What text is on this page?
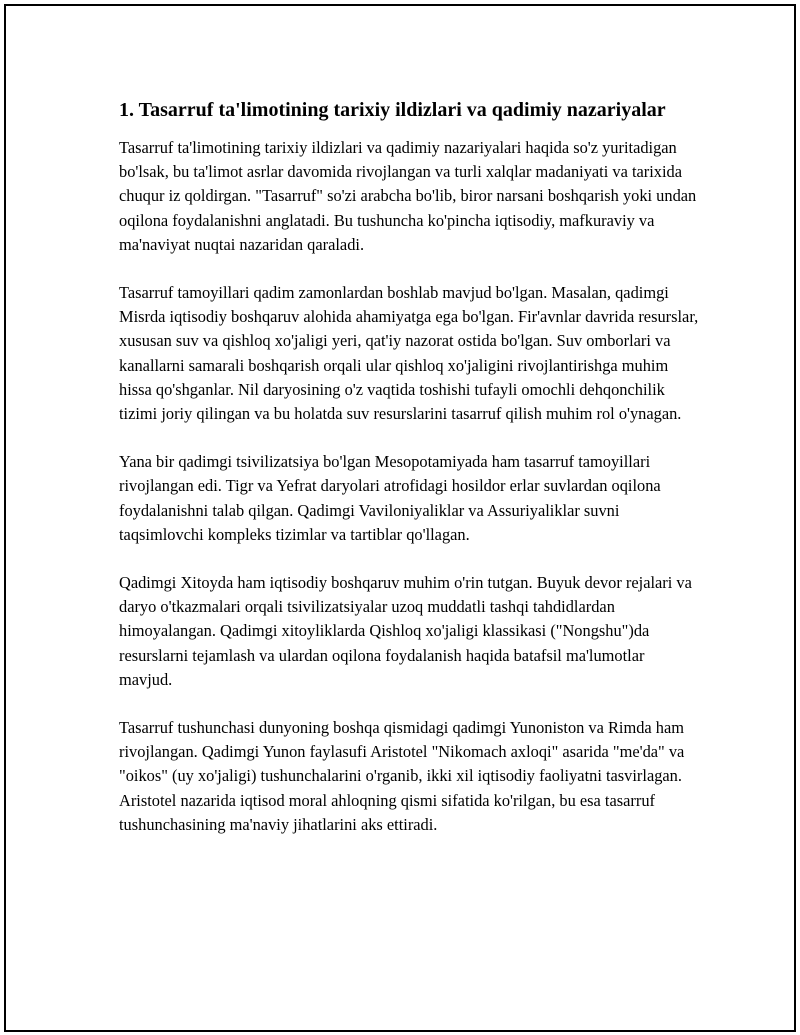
1. Tasarruf ta'limotining tarixiy ildizlari va qadimiy nazariyalar

Tasarruf ta'limotining tarixiy ildizlari va qadimiy nazariyalari haqida so'z yuritadigan bo'lsak, bu ta'limot asrlar davomida rivojlangan va turli xalqlar madaniyati va tarixida chuqur iz qoldirgan. "Tasarruf" so'zi arabcha bo'lib, biror narsani boshqarish yoki undan oqilona foydalanishni anglatadi. Bu tushuncha ko'pincha iqtisodiy, mafkuraviy va ma'naviyat nuqtai nazaridan qaraladi.

Tasarruf tamoyillari qadim zamonlardan boshlab mavjud bo'lgan. Masalan, qadimgi Misrda iqtisodiy boshqaruv alohida ahamiyatga ega bo'lgan. Fir'avnlar davrida resurslar, xususan suv va qishloq xo'jaligi yeri, qat'iy nazorat ostida bo'lgan. Suv omborlari va kanallarni samarali boshqarish orqali ular qishloq xo'jaligini rivojlantirishga muhim hissa qo'shganlar. Nil daryosining o'z vaqtida toshishi tufayli omochli dehqonchilik tizimi joriy qilingan va bu holatda suv resurslarini tasarruf qilish muhim rol o'ynagan.

Yana bir qadimgi tsivilizatsiya bo'lgan Mesopotamiyada ham tasarruf tamoyillari rivojlangan edi. Tigr va Yefrat daryolari atrofidagi hosildor erlar suvlardan oqilona foydalanishni talab qilgan. Qadimgi Vaviloniyaliklar va Assuriyaliklar suvni taqsimlovchi kompleks tizimlar va tartiblar qo'llagan.

Qadimgi Xitoyda ham iqtisodiy boshqaruv muhim o'rin tutgan. Buyuk devor rejalari va daryo o'tkazmalari orqali tsivilizatsiyalar uzoq muddatli tashqi tahdidlardan himoyalangan. Qadimgi xitoyliklarda Qishloq xo'jaligi klassikasi ("Nongshu")da resurslarni tejamlash va ulardan oqilona foydalanish haqida batafsil ma'lumotlar mavjud.

Tasarruf tushunchasi dunyoning boshqa qismidagi qadimgi Yunoniston va Rimda ham rivojlangan. Qadimgi Yunon faylasufi Aristotel "Nikomach axloqi" asarida "me'da" va "oikos" (uy xo'jaligi) tushunchalarini o'rganib, ikki xil iqtisodiy faoliyatni tasvirlagan. Aristotel nazarida iqtisod moral ahloqning qismi sifatida ko'rilgan, bu esa tasarruf tushunchasining ma'naviy jihatlarini aks ettiradi.
